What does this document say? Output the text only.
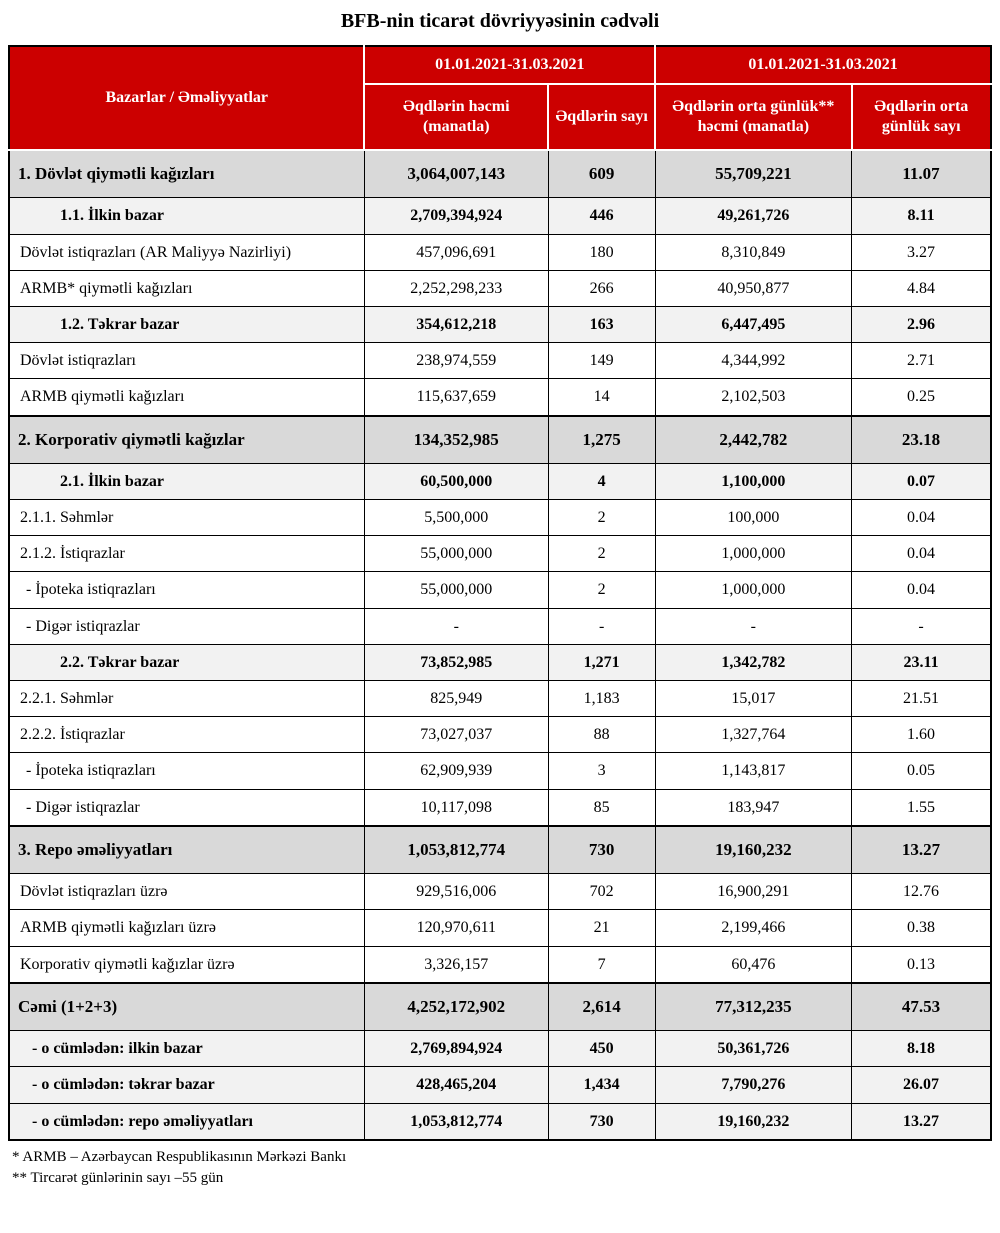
BFB-nin ticarət dövriyyəsinin cədvəli
Bazarlar / Əməliyyatlar	01.01.2021-31.03.2021		01.01.2021-31.03.2021	
	Əqdlərin həcmi (manatla)	Əqdlərin sayı	Əqdlərin orta günlük** həcmi (manatla)	Əqdlərin orta günlük sayı
1. Dövlət qiymətli kağızları	3,064,007,143	609	55,709,221	11.07
1.1. İlkin bazar	2,709,394,924	446	49,261,726	8.11
Dövlət istiqrazları (AR Maliyyə Nazirliyi)	457,096,691	180	8,310,849	3.27
ARMB* qiymətli kağızları	2,252,298,233	266	40,950,877	4.84
1.2. Təkrar bazar	354,612,218	163	6,447,495	2.96
Dövlət istiqrazları	238,974,559	149	4,344,992	2.71
ARMB qiymətli kağızları	115,637,659	14	2,102,503	0.25
2. Korporativ qiymətli kağızlar	134,352,985	1,275	2,442,782	23.18
2.1. İlkin bazar	60,500,000	4	1,100,000	0.07
2.1.1. Səhmlər	5,500,000	2	100,000	0.04
2.1.2. İstiqrazlar	55,000,000	2	1,000,000	0.04
- İpoteka istiqrazları	55,000,000	2	1,000,000	0.04
- Digər istiqrazlar	-	-	-	-
2.2. Təkrar bazar	73,852,985	1,271	1,342,782	23.11
2.2.1. Səhmlər	825,949	1,183	15,017	21.51
2.2.2. İstiqrazlar	73,027,037	88	1,327,764	1.60
- İpoteka istiqrazları	62,909,939	3	1,143,817	0.05
- Digər istiqrazlar	10,117,098	85	183,947	1.55
3. Repo əməliyyatları	1,053,812,774	730	19,160,232	13.27
Dövlət istiqrazları üzrə	929,516,006	702	16,900,291	12.76
ARMB qiymətli kağızları üzrə	120,970,611	21	2,199,466	0.38
Korporativ qiymətli kağızlar üzrə	3,326,157	7	60,476	0.13
Cəmi (1+2+3)	4,252,172,902	2,614	77,312,235	47.53
- o cümlədən: ilkin bazar	2,769,894,924	450	50,361,726	8.18
- o cümlədən: təkrar bazar	428,465,204	1,434	7,790,276	26.07
- o cümlədən: repo əməliyyatları	1,053,812,774	730	19,160,232	13.27
* ARMB – Azərbaycan Respublikasının Mərkəzi Bankı
** Tircarət günlərinin sayı –55 gün
